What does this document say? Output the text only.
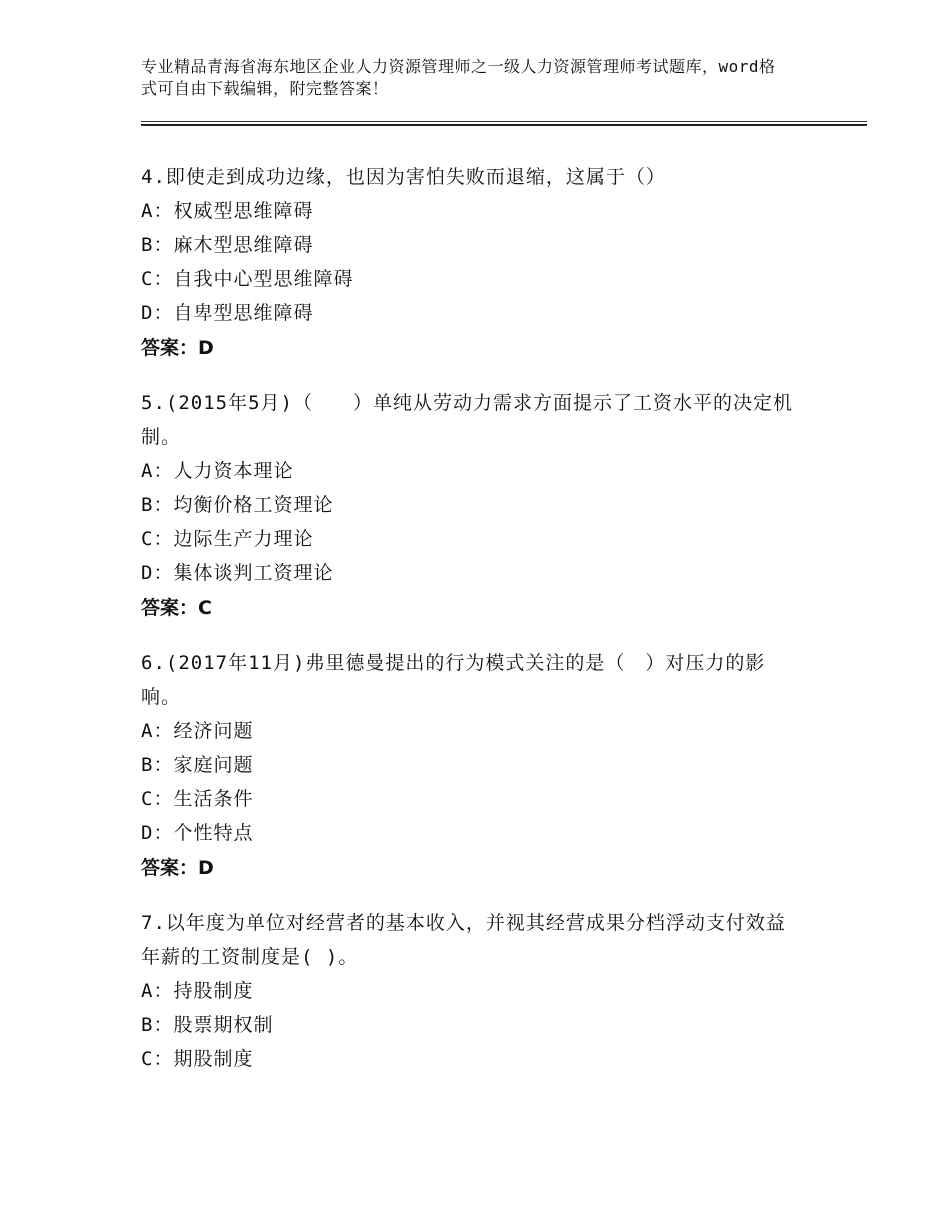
专业精品青海省海东地区企业人力资源管理师之一级人力资源管理师考试题库，word格式可自由下载编辑，附完整答案！
4.即使走到成功边缘，也因为害怕失败而退缩，这属于（）
A：权威型思维障碍
B：麻木型思维障碍
C：自我中心型思维障碍
D：自卑型思维障碍
答案：D
5.(2015年5月)（　　）单纯从劳动力需求方面提示了工资水平的决定机制。
A：人力资本理论
B：均衡价格工资理论
C：边际生产力理论
D：集体谈判工资理论
答案：C
6.(2017年11月)弗里德曼提出的行为模式关注的是（　）对压力的影响。
A：经济问题
B：家庭问题
C：生活条件
D：个性特点
答案：D
7.以年度为单位对经营者的基本收入，并视其经营成果分档浮动支付效益年薪的工资制度是( )。
A：持股制度
B：股票期权制
C：期股制度
